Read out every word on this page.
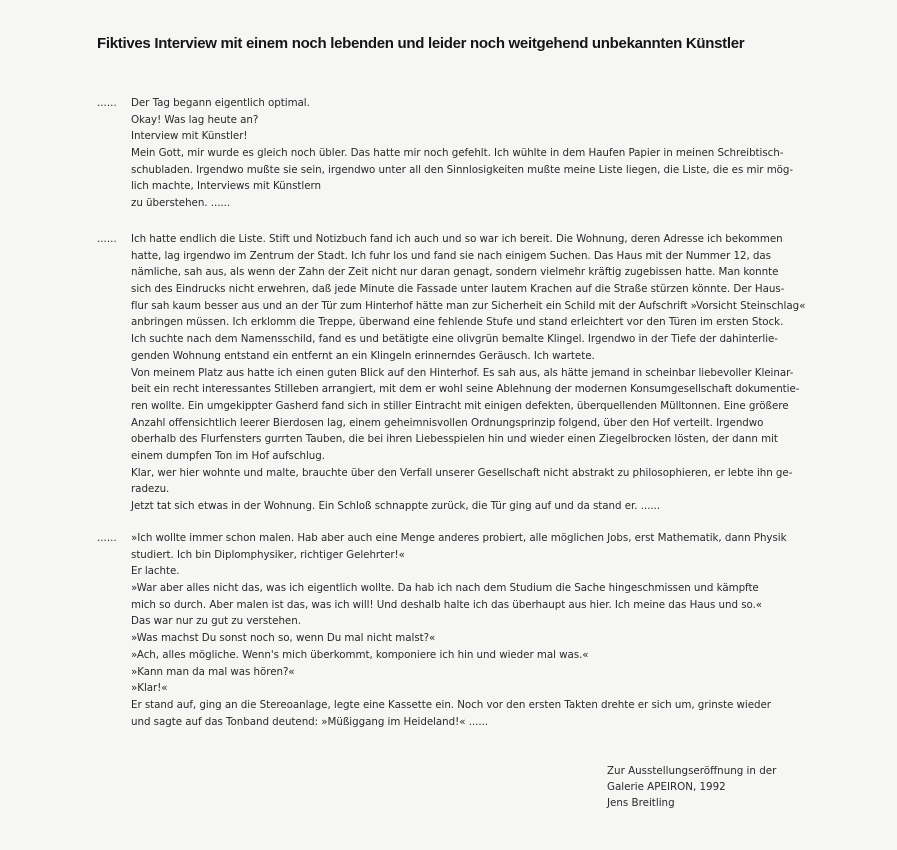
Fiktives Interview mit einem noch lebenden und leider noch weitgehend unbekannten Künstler
...... Der Tag begann eigentlich optimal.
Okay! Was lag heute an?
Interview mit Künstler!
Mein Gott, mir wurde es gleich noch übler. Das hatte mir noch gefehlt. Ich wühlte in dem Haufen Papier in meinen Schreibtisch-
schubladen. Irgendwo mußte sie sein, irgendwo unter all den Sinnlosigkeiten mußte meine Liste liegen, die Liste, die es mir mög-
lich machte, Interviews mit Künstlern
zu überstehen. ......
...... Ich hatte endlich die Liste. Stift und Notizbuch fand ich auch und so war ich bereit. Die Wohnung, deren Adresse ich bekommen
hatte, lag irgendwo im Zentrum der Stadt. Ich fuhr los und fand sie nach einigem Suchen. Das Haus mit der Nummer 12, das
nämliche, sah aus, als wenn der Zahn der Zeit nicht nur daran genagt, sondern vielmehr kräftig zugebissen hatte. Man konnte
sich des Eindrucks nicht erwehren, daß jede Minute die Fassade unter lautem Krachen auf die Straße stürzen könnte. Der Haus-
flur sah kaum besser aus und an der Tür zum Hinterhof hätte man zur Sicherheit ein Schild mit der Aufschrift »Vorsicht Steinschlag«
anbringen müssen. Ich erklomm die Treppe, überwand eine fehlende Stufe und stand erleichtert vor den Türen im ersten Stock.
Ich suchte nach dem Namensschild, fand es und betätigte eine olivgrün bemalte Klingel. Irgendwo in der Tiefe der dahinterlie-
genden Wohnung entstand ein entfernt an ein Klingeln erinnerndes Geräusch. Ich wartete.
Von meinem Platz aus hatte ich einen guten Blick auf den Hinterhof. Es sah aus, als hätte jemand in scheinbar liebevoller Kleinar-
beit ein recht interessantes Stilleben arrangiert, mit dem er wohl seine Ablehnung der modernen Konsumgesellschaft dokumentie-
ren wollte. Ein umgekippter Gasherd fand sich in stiller Eintracht mit einigen defekten, überquellenden Mülltonnen. Eine größere
Anzahl offensichtlich leerer Bierdosen lag, einem geheimnisvollen Ordnungsprinzip folgend, über den Hof verteilt. Irgendwo
oberhalb des Flurfensters gurrten Tauben, die bei ihren Liebesspielen hin und wieder einen Ziegelbrocken lösten, der dann mit
einem dumpfen Ton im Hof aufschlug.
Klar, wer hier wohnte und malte, brauchte über den Verfall unserer Gesellschaft nicht abstrakt zu philosophieren, er lebte ihn ge-
radezu.
Jetzt tat sich etwas in der Wohnung. Ein Schloß schnappte zurück, die Tür ging auf und da stand er. ......
...... »Ich wollte immer schon malen. Hab aber auch eine Menge anderes probiert, alle möglichen Jobs, erst Mathematik, dann Physik
studiert. Ich bin Diplomphysiker, richtiger Gelehrter!«
Er lachte.
»War aber alles nicht das, was ich eigentlich wollte. Da hab ich nach dem Studium die Sache hingeschmissen und kämpfte
mich so durch. Aber malen ist das, was ich will! Und deshalb halte ich das überhaupt aus hier. Ich meine das Haus und so.«
Das war nur zu gut zu verstehen.
»Was machst Du sonst noch so, wenn Du mal nicht malst?«
»Ach, alles mögliche. Wenn's mich überkommt, komponiere ich hin und wieder mal was.«
»Kann man da mal was hören?«
»Klar!«
Er stand auf, ging an die Stereoanlage, legte eine Kassette ein. Noch vor den ersten Takten drehte er sich um, grinste wieder
und sagte auf das Tonband deutend: »Müßiggang im Heideland!« ......
Zur Ausstellungseröffnung in der
Galerie APEIRON, 1992
Jens Breitling
